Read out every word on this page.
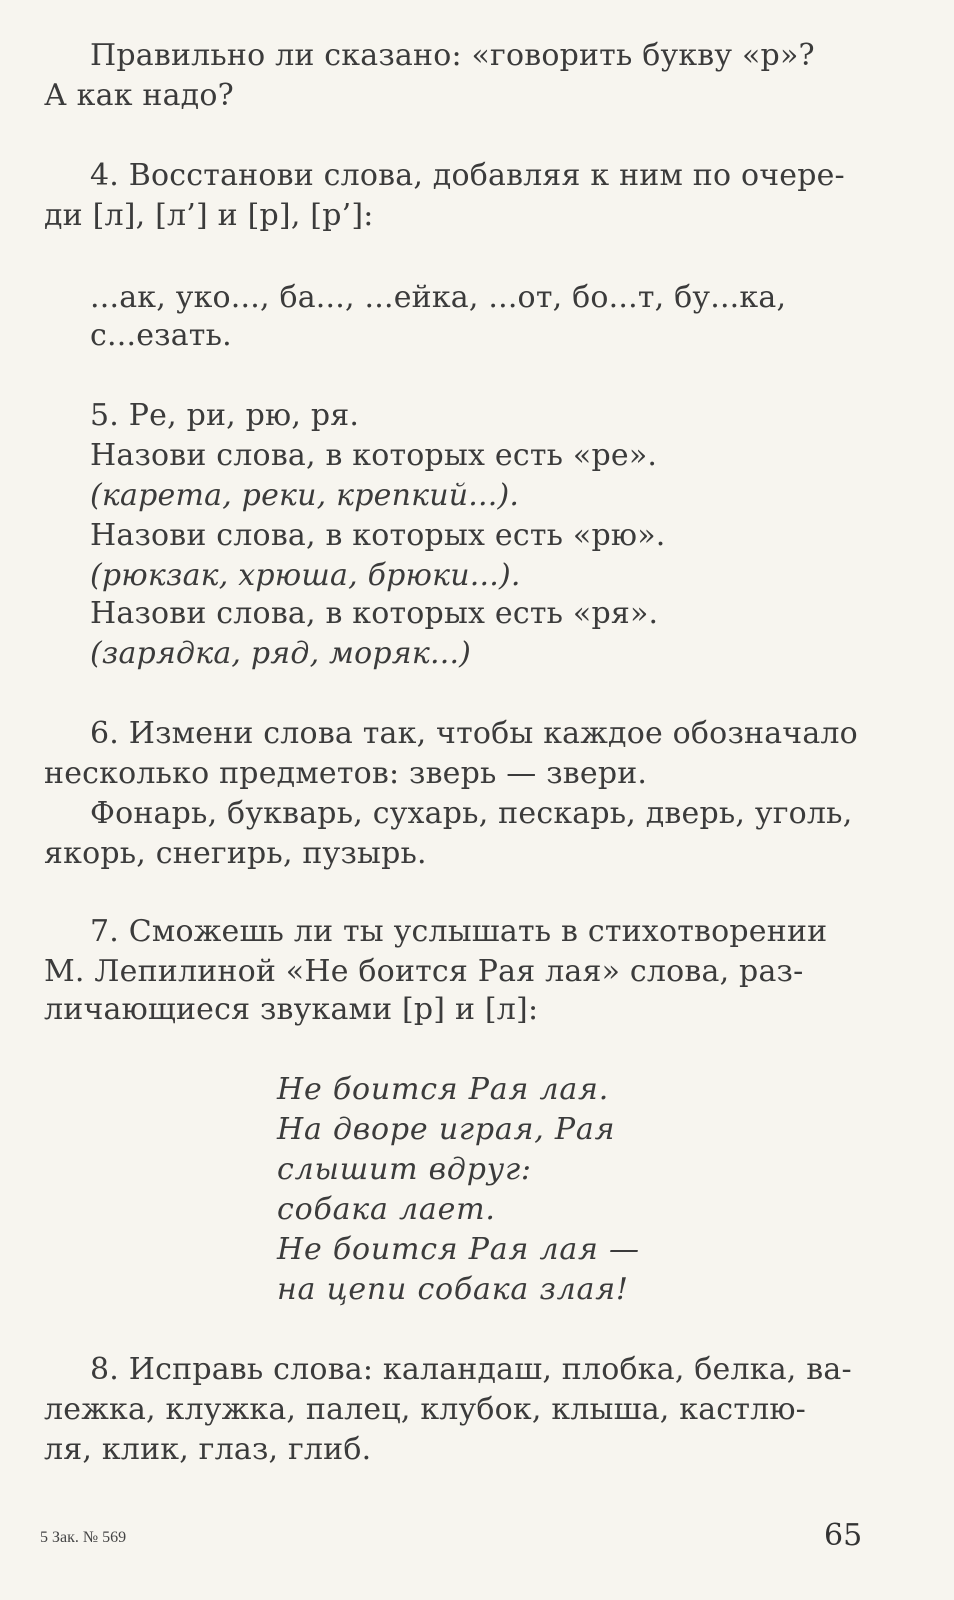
Правильно ли сказано: «говорить букву «р»?
А как надо?
4. Восстанови слова, добавляя к ним по очере-
ди [л], [л’] и [р], [р’]:
...ак, уко..., ба..., ...ейка, ...от, бо...т, бу...ка,
с...езать.
5. Ре, ри, рю, ря.
Назови слова, в которых есть «ре».
(карета, реки, крепкий...).
Назови слова, в которых есть «рю».
(рюкзак, хрюша, брюки...).
Назови слова, в которых есть «ря».
(зарядка, ряд, моряк...)
6. Измени слова так, чтобы каждое обозначало
несколько предметов: зверь — звери.
Фонарь, букварь, сухарь, пескарь, дверь, уголь,
якорь, снегирь, пузырь.
7. Сможешь ли ты услышать в стихотворении
М. Лепилиной «Не боится Рая лая» слова, раз-
личающиеся звуками [р] и [л]:
Не боится Рая лая.
На дворе играя, Рая
слышит вдруг:
собака лает.
Не боится Рая лая —
на цепи собака злая!
8. Исправь слова: каландаш, плобка, белка, ва-
лежка, клужка, палец, клубок, клыша, кастлю-
ля, клик, глаз, глиб.
5 Зак. № 569	65
